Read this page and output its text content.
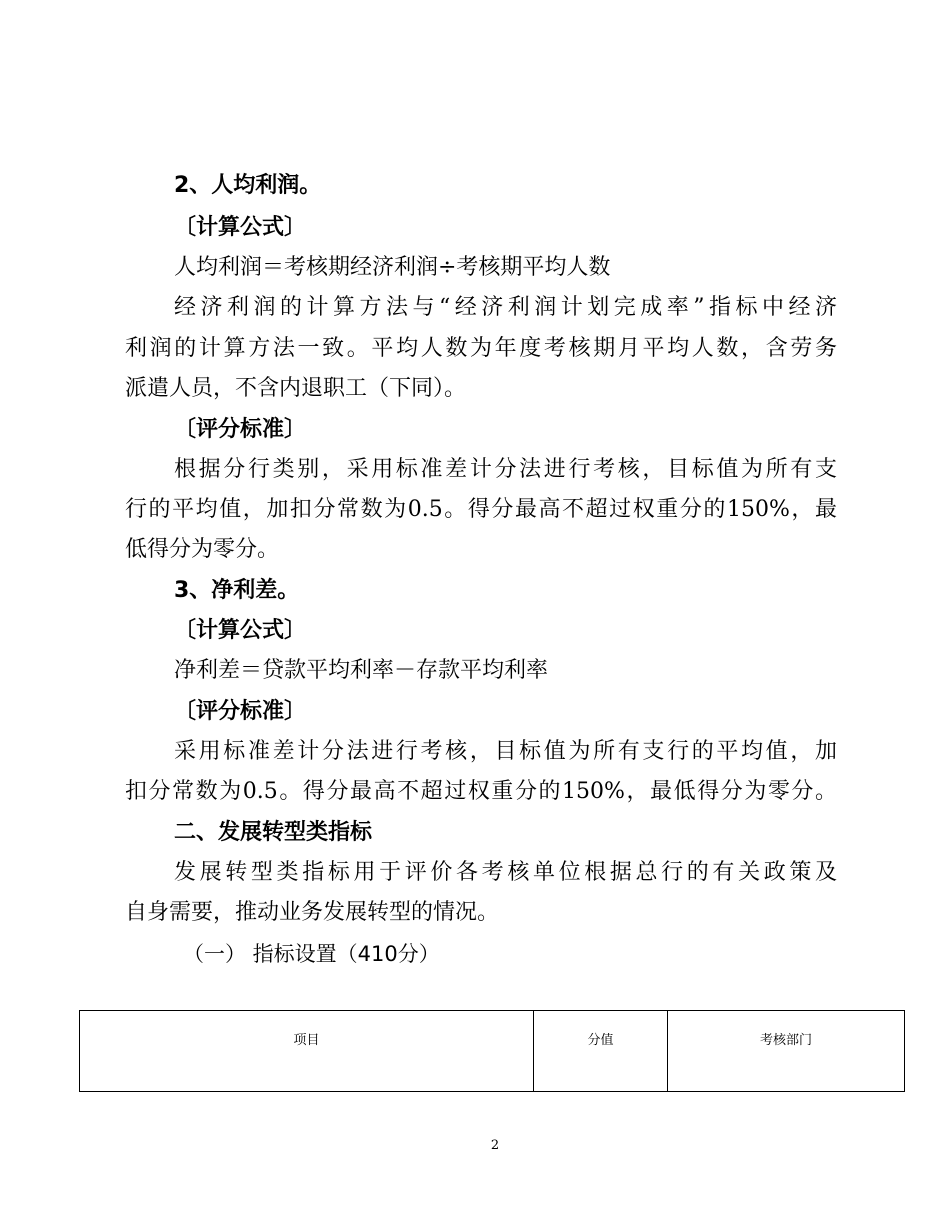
2、人均利润。
〔计算公式〕
人均利润＝考核期经济利润÷考核期平均人数
经济利润的计算方法与“经济利润计划完成率”指标中经济
利润的计算方法一致。平均人数为年度考核期月平均人数，含劳务
派遣人员，不含内退职工（下同）。
〔评分标准〕
根据分行类别，采用标准差计分法进行考核，目标值为所有支
行的平均值，加扣分常数为0.5。得分最高不超过权重分的150%，最
低得分为零分。
3、净利差。
〔计算公式〕
净利差＝贷款平均利率－存款平均利率
〔评分标准〕
采用标准差计分法进行考核，目标值为所有支行的平均值，加
扣分常数为0.5。得分最高不超过权重分的150%，最低得分为零分。
二、发展转型类指标
发展转型类指标用于评价各考核单位根据总行的有关政策及
自身需要，推动业务发展转型的情况。
（一） 指标设置（410分）
项目	分值	考核部门
2
